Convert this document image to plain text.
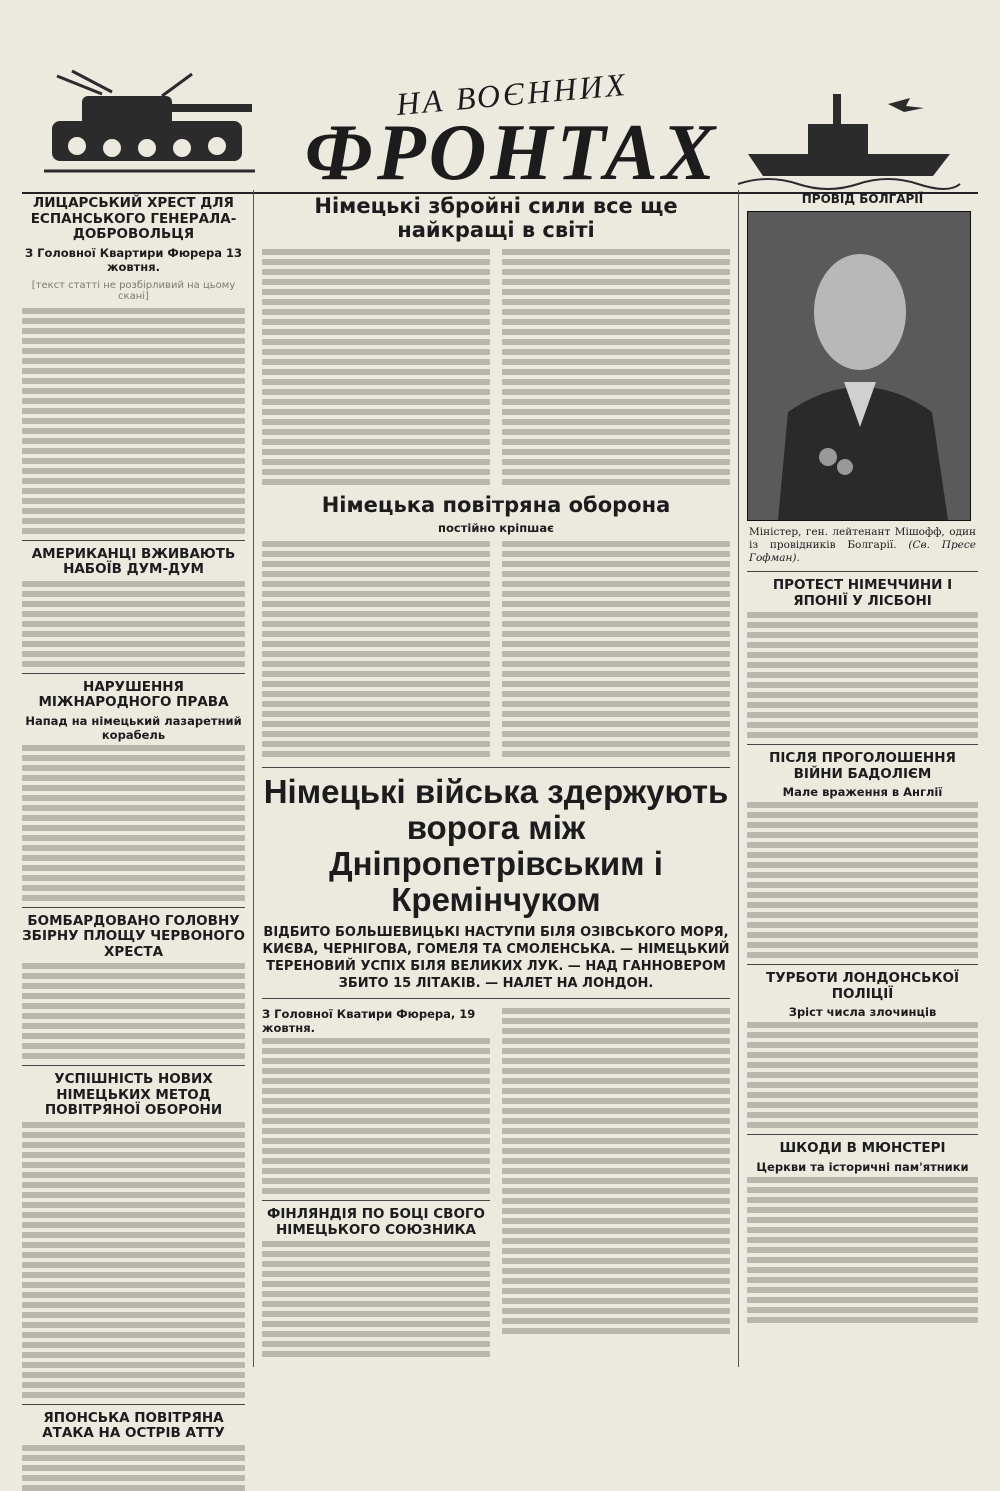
НА ВОЄННИХ
ФРОНТАХ
ЛИЦАРСЬКИЙ ХРЕСТ ДЛЯ ЕСПАНСЬКОГО ГЕНЕРАЛА-ДОБРОВОЛЬЦЯ
З Головної Квартири Фюрера 13 жовтня.
[текст статті не розбірливий на цьому скані]
АМЕРИКАНЦІ ВЖИВАЮТЬ НАБОЇВ ДУМ-ДУМ
НАРУШЕННЯ МІЖНАРОДНОГО ПРАВА
Напад на німецький лазаретний корабель
БОМБАРДОВАНО ГОЛОВНУ ЗБІРНУ ПЛОЩУ ЧЕРВОНОГО ХРЕСТА
УСПІШНІСТЬ НОВИХ НІМЕЦЬКИХ МЕТОД ПОВІТРЯНОЇ ОБОРОНИ
ЯПОНСЬКА ПОВІТРЯНА АТАКА НА ОСТРІВ АТТУ
Німецькі збройні сили все ще найкращі в світі
Німецька повітряна оборона
постійно кріпшає
Німецькі війська здержують ворога між Дніпропетрівським і Кремінчуком
ВІДБИТО БОЛЬШЕВИЦЬКІ НАСТУПИ БІЛЯ ОЗІВСЬКОГО МОРЯ, КИЄВА, ЧЕРНІГОВА, ГОМЕЛЯ ТА СМОЛЕНСЬКА. — НІМЕЦЬКИЙ ТЕРЕНОВИЙ УСПІХ БІЛЯ ВЕЛИКИХ ЛУК. — НАД ГАННОВЕРОМ ЗБИТО 15 ЛІТАКІВ. — НАЛЕТ НА ЛОНДОН.
З Головної Кватири Фюрера, 19 жовтня.
ФІНЛЯНДІЯ ПО БОЦІ СВОГО НІМЕЦЬКОГО СОЮЗНИКА
ПРОВІД БОЛГАРІЇ
Міністер, ген. лейтенант Мішофф, один із провідників Болгарії. (Св. Пресе Гофман).
ПРОТЕСТ НІМЕЧЧИНИ І ЯПОНІЇ У ЛІСБОНІ
ПІСЛЯ ПРОГОЛОШЕННЯ ВІЙНИ БАДОЛІЄМ
Мале враження в Англії
ТУРБОТИ ЛОНДОНСЬКОЇ ПОЛІЦІЇ
Зріст числа злочинців
ШКОДИ В МЮНСТЕРІ
Церкви та історичні пам'ятники
